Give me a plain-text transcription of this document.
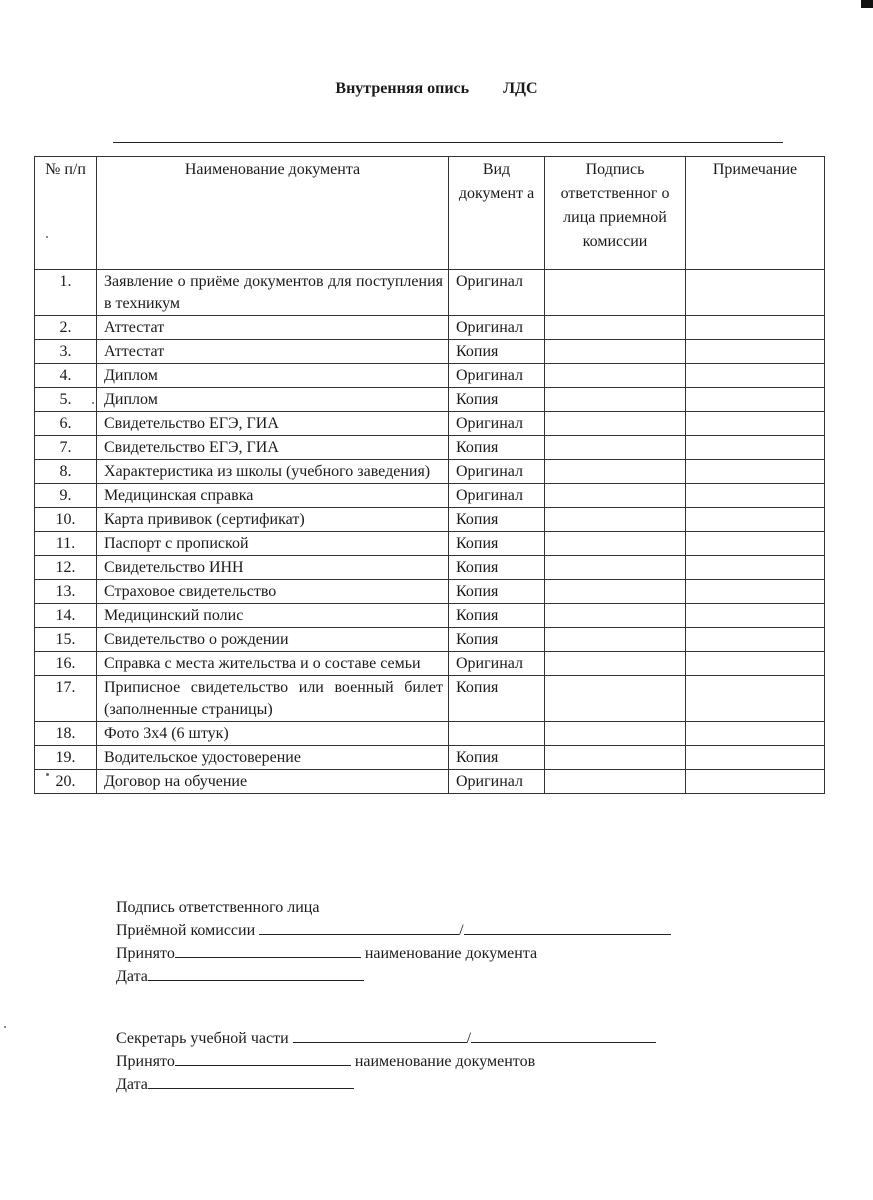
Внутренняя опись ЛДС
№ п/п	Наименование документа	Вид документ а	Подпись ответственног о лица приемной комиссии	Примечание
1.	Заявление о приёме документов для поступления в техникум	Оригинал		
2.	Аттестат	Оригинал		
3.	Аттестат	Копия		
4.	Диплом	Оригинал		
5.	Диплом	Копия		
6.	Свидетельство ЕГЭ, ГИА	Оригинал		
7.	Свидетельство ЕГЭ, ГИА	Копия		
8.	Характеристика из школы (учебного заведения)	Оригинал		
9.	Медицинская справка	Оригинал		
10.	Карта прививок (сертификат)	Копия		
11.	Паспорт с пропиской	Копия		
12.	Свидетельство ИНН	Копия		
13.	Страховое свидетельство	Копия		
14.	Медицинский полис	Копия		
15.	Свидетельство о рождении	Копия		
16.	Справка с места жительства и о составе семьи	Оригинал		
17.	Приписное свидетельство или военный билет (заполненные страницы)	Копия		
18.	Фото 3х4 (6 штук)			
19.	Водительское удостоверение	Копия		
20.	Договор на обучение	Оригинал		
Подпись ответственного лица
Приёмной комиссии	/
Принято	наименование документа
Дата
Секретарь учебной части	/
Принято	наименование документов
Дата
